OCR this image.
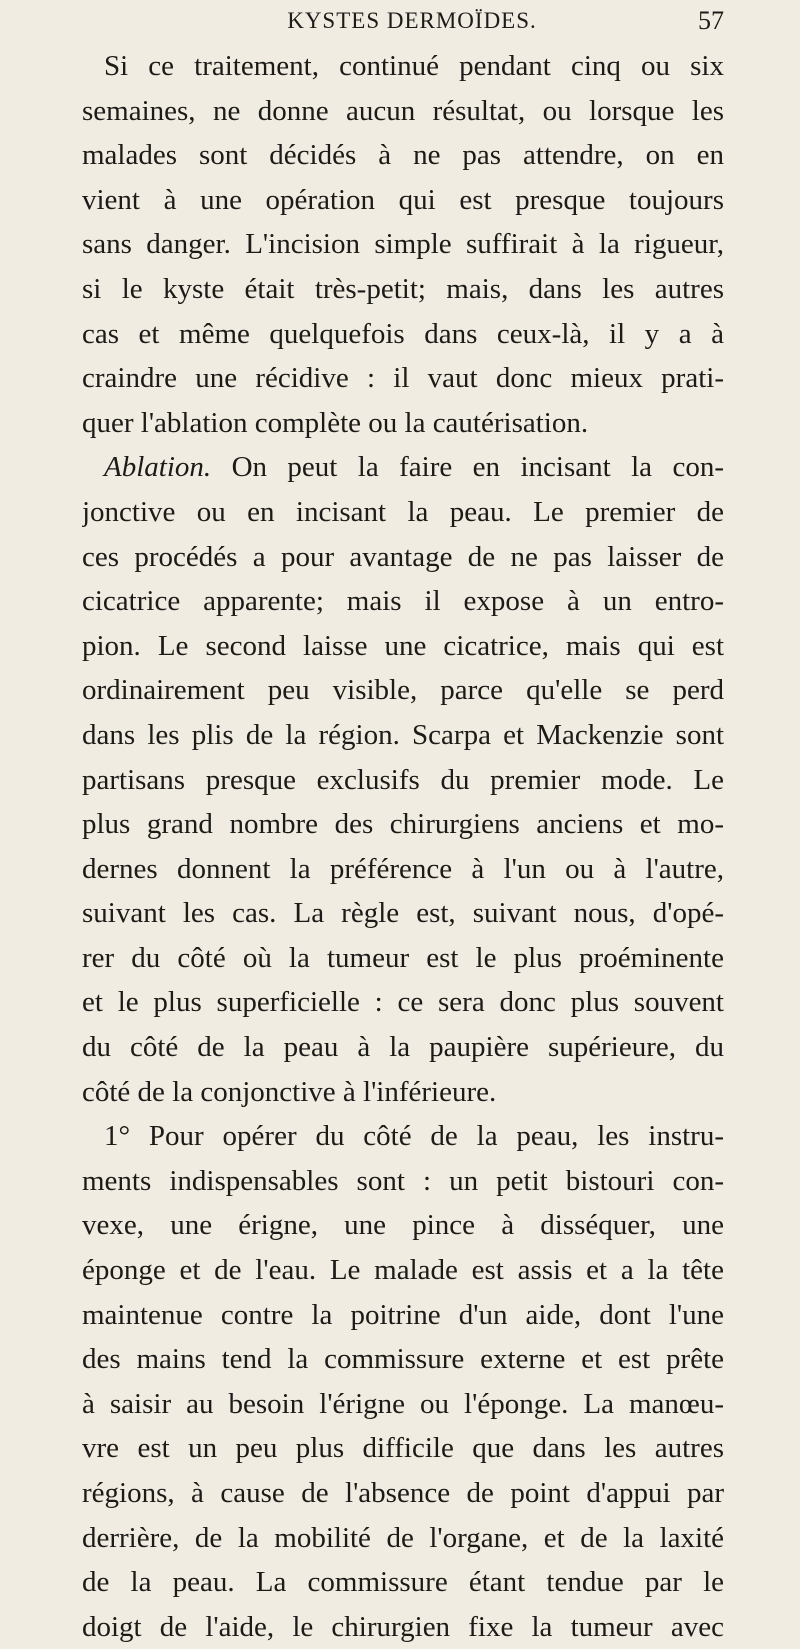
KYSTES DERMOÏDES.	57
Si ce traitement, continué pendant cinq ou six
semaines, ne donne aucun résultat, ou lorsque les
malades sont décidés à ne pas attendre, on en
vient à une opération qui est presque toujours
sans danger. L'incision simple suffirait à la rigueur,
si le kyste était très-petit; mais, dans les autres
cas et même quelquefois dans ceux-là, il y a à
craindre une récidive : il vaut donc mieux prati-
quer l'ablation complète ou la cautérisation.
Ablation. On peut la faire en incisant la con-
jonctive ou en incisant la peau. Le premier de
ces procédés a pour avantage de ne pas laisser de
cicatrice apparente; mais il expose à un entro-
pion. Le second laisse une cicatrice, mais qui est
ordinairement peu visible, parce qu'elle se perd
dans les plis de la région. Scarpa et Mackenzie sont
partisans presque exclusifs du premier mode. Le
plus grand nombre des chirurgiens anciens et mo-
dernes donnent la préférence à l'un ou à l'autre,
suivant les cas. La règle est, suivant nous, d'opé-
rer du côté où la tumeur est le plus proéminente
et le plus superficielle : ce sera donc plus souvent
du côté de la peau à la paupière supérieure, du
côté de la conjonctive à l'inférieure.
1° Pour opérer du côté de la peau, les instru-
ments indispensables sont : un petit bistouri con-
vexe, une érigne, une pince à disséquer, une
éponge et de l'eau. Le malade est assis et a la tête
maintenue contre la poitrine d'un aide, dont l'une
des mains tend la commissure externe et est prête
à saisir au besoin l'érigne ou l'éponge. La manœu-
vre est un peu plus difficile que dans les autres
régions, à cause de l'absence de point d'appui par
derrière, de la mobilité de l'organe, et de la laxité
de la peau. La commissure étant tendue par le
doigt de l'aide, le chirurgien fixe la tumeur avec
